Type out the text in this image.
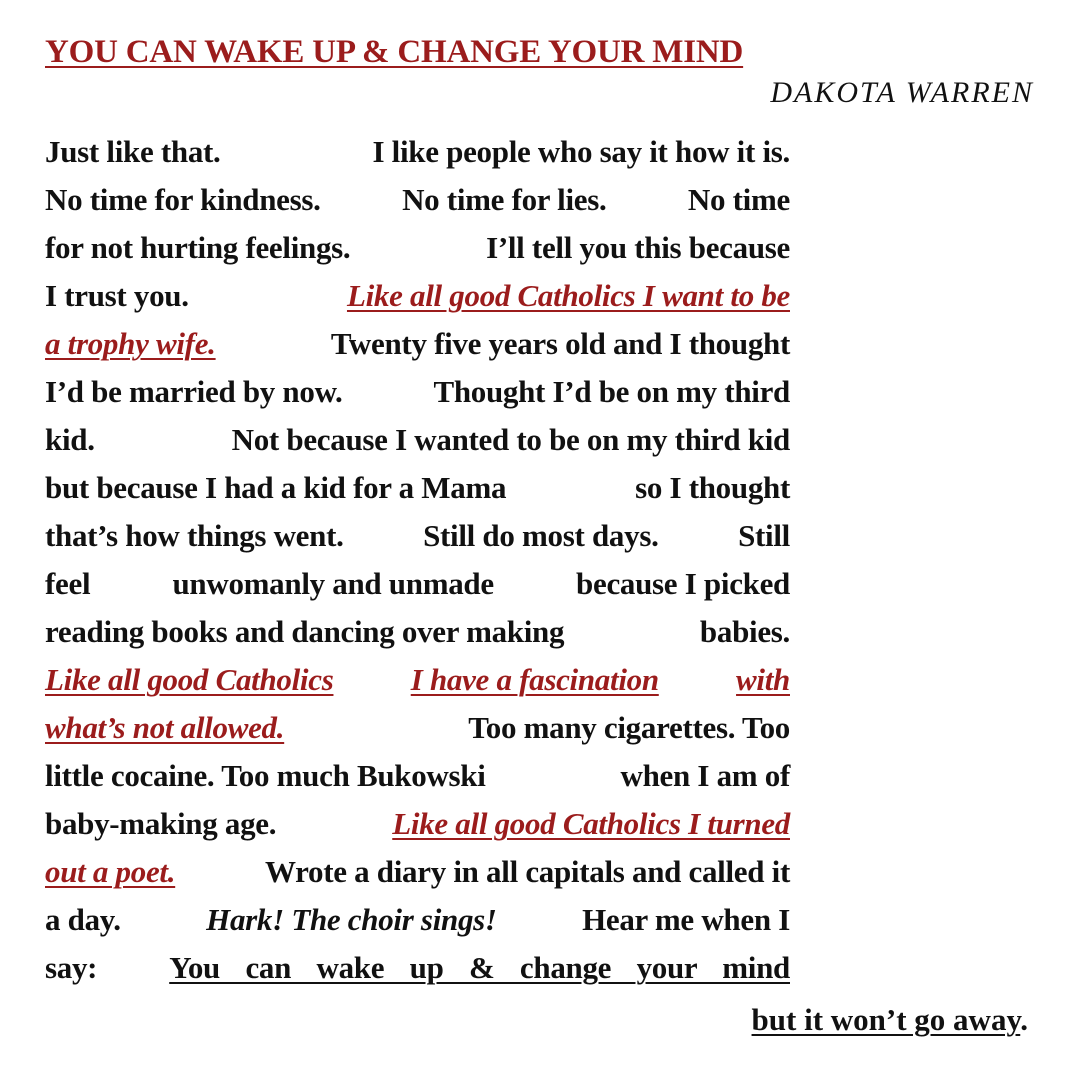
YOU CAN WAKE UP & CHANGE YOUR MIND
DAKOTA WARREN
Just like that.	I like people who say it how it is.
No time for kindness.	No time for lies.	No time
for not hurting feelings.	I’ll tell you this because
I trust you.	Like all good Catholics I want to be
a trophy wife.	Twenty five years old and I thought
I’d be married by now.	Thought I’d be on my third
kid.	Not because I wanted to be on my third kid
but because I had a kid for a Mama	so I thought
that’s how things went.	Still do most days.	Still
feel	unwomanly and unmade	because I picked
reading books and dancing over making	babies.
Like all good Catholics I have a fascination with
what’s not allowed.	Too many cigarettes. Too
little cocaine. Too much Bukowski	when I am of
baby-making age.	Like all good Catholics I turned
out a poet.	Wrote a diary in all capitals and called it
a day.	Hark! The choir sings!	Hear me when I
say: You can wake up & change your mind
but it won’t go away.
